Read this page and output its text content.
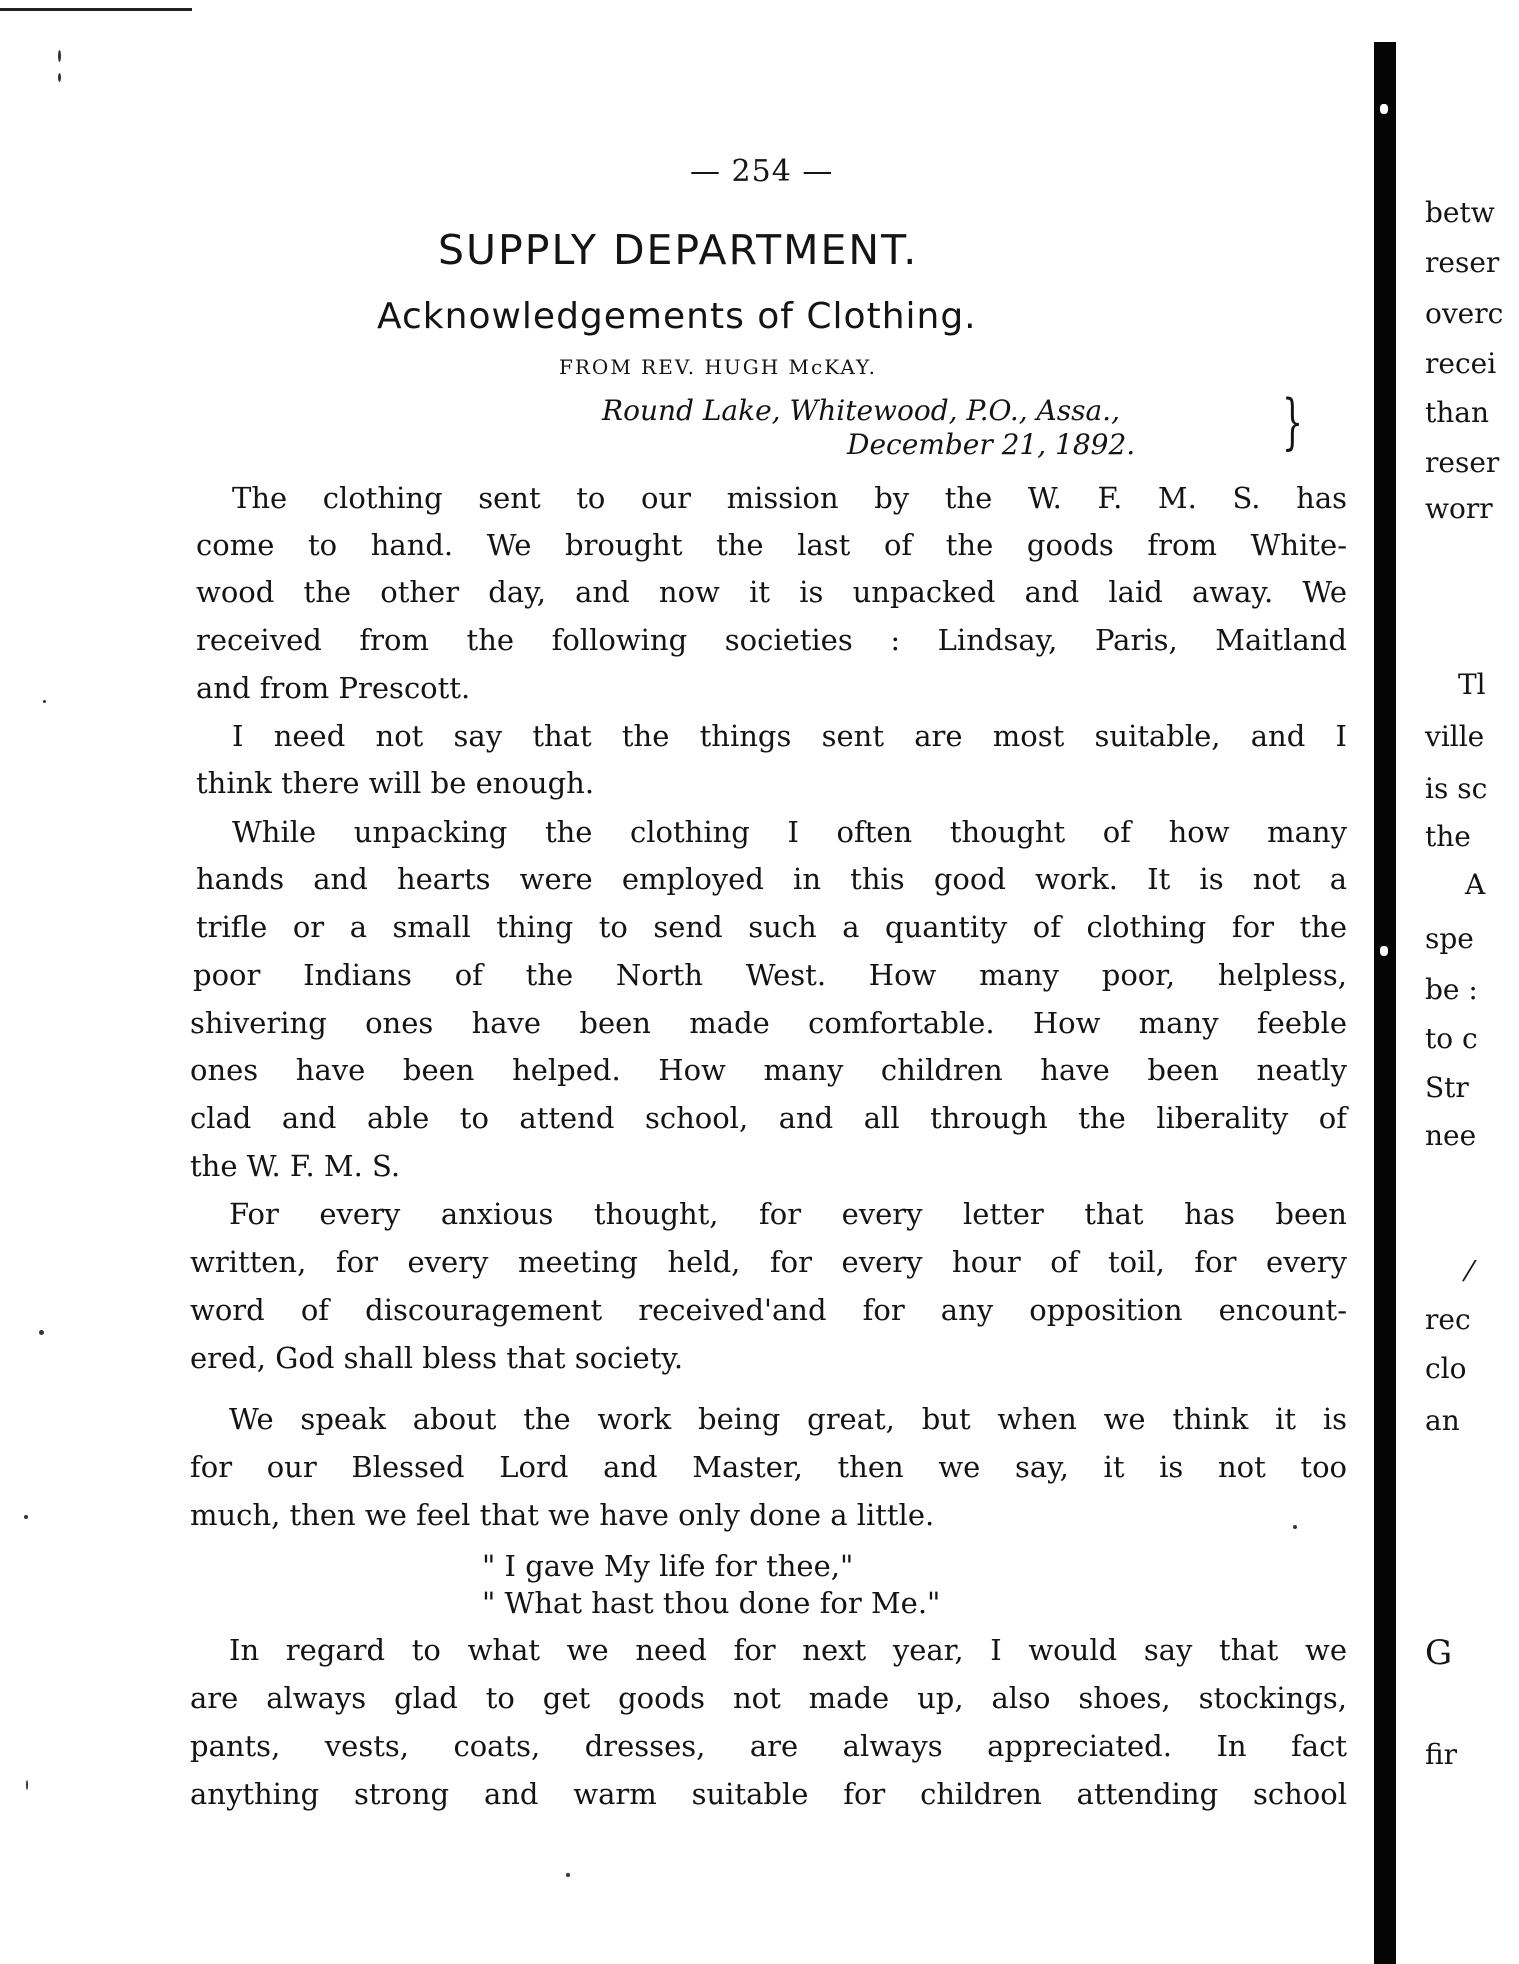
— 254 —
SUPPLY DEPARTMENT.
Acknowledgements of Clothing.
FROM REV. HUGH McKAY.
Round Lake, Whitewood, P.O., Assa.,
December 21, 1892. }
The clothing sent to our mission by the W. F. M. S. has
come to hand. We brought the last of the goods from White-
wood the other day, and now it is unpacked and laid away. We
received from the following societies : Lindsay, Paris, Maitland
and from Prescott.
I need not say that the things sent are most suitable, and I
think there will be enough.
While unpacking the clothing I often thought of how many
hands and hearts were employed in this good work. It is not a
trifle or a small thing to send such a quantity of clothing for the
poor Indians of the North West. How many poor, helpless,
shivering ones have been made comfortable. How many feeble
ones have been helped. How many children have been neatly
clad and able to attend school, and all through the liberality of
the W. F. M. S.
For every anxious thought, for every letter that has been
written, for every meeting held, for every hour of toil, for every
word of discouragement received'and for any opposition encount-
ered, God shall bless that society.
We speak about the work being great, but when we think it is
for our Blessed Lord and Master, then we say, it is not too
much, then we feel that we have only done a little.
" I gave My life for thee,"
" What hast thou done for Me."
In regard to what we need for next year, I would say that we
are always glad to get goods not made up, also shoes, stockings,
pants, vests, coats, dresses, are always appreciated. In fact
anything strong and warm suitable for children attending school
betw
reser
overc
recei
than
reser
worr
Tl
ville
is sc
the
A
spe
be :
to c
Str
nee
⁄
rec
clo
an
G
fir
